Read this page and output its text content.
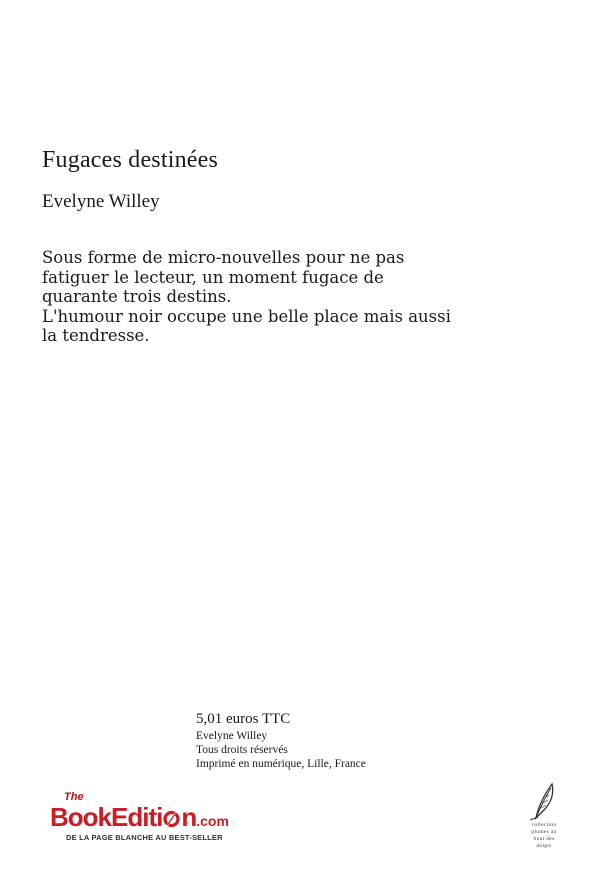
Fugaces destinées
Evelyne Willey

Sous forme de micro-nouvelles pour ne pas fatiguer le lecteur, un moment fugace de quarante trois destins.

L'humour noir occupe une belle place mais aussi la tendresse.

5,01 euros TTC
Evelyne Willey
Tous droits réservés
Imprimé en numérique, Lille, France
The
BookEditi n.com
DE LA PAGE BLANCHE AU BEST-SELLER
collection
plumes au
bout des
doigts
